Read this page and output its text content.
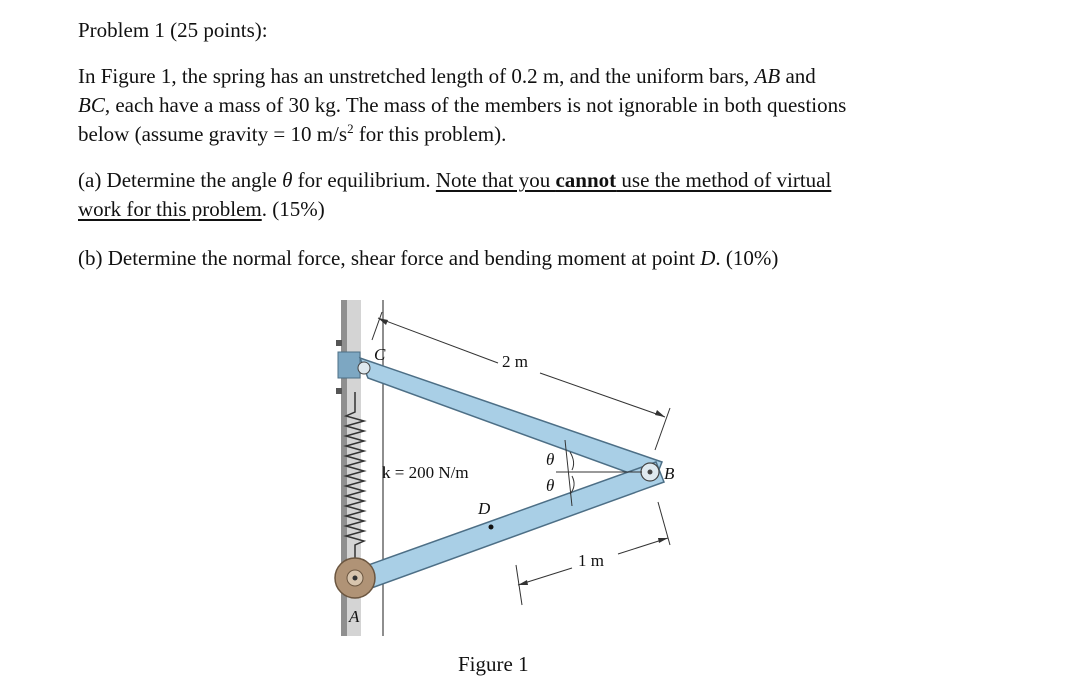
Problem 1 (25 points):

In Figure 1, the spring has an unstretched length of 0.2 m, and the uniform bars, AB and
BC, each have a mass of 30 kg. The mass of the members is not ignorable in both questions
below (assume gravity = 10 $m/s^2$ for this problem).

(a) Determine the angle θ for equilibrium. Note that you cannot use the method of virtual
work for this problem. (15%)

(b) Determine the normal force, shear force and bending moment at point D. (10%)

2 m
1 m
θ
θ
C
B
A
D
k = 200 N/m
Figure 1
